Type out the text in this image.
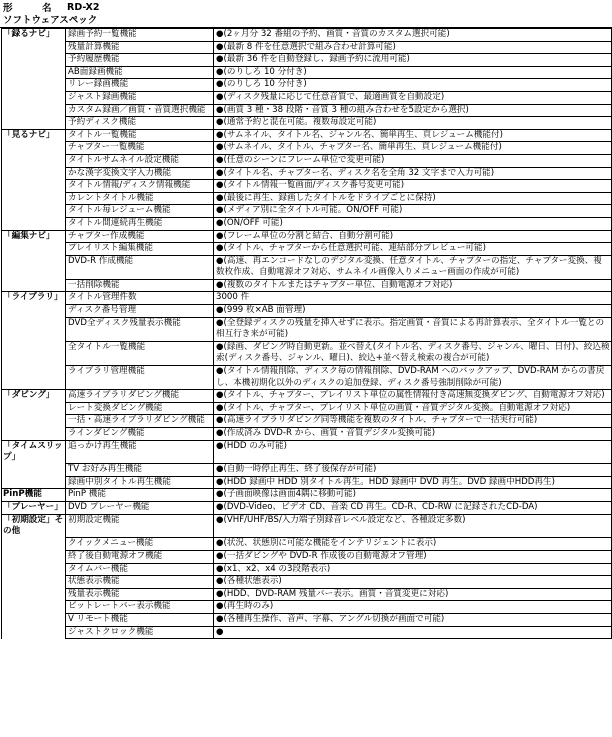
形　名 RD-X2
ソフトウェアスペック
「録るナビ」	録画予約一覧機能	●(2ヶ月分 32 番組の予約、画質・音質のカスタム選択可能)
	残量計算機能	●(最新 8 件を任意選択で組み合わせ計算可能)
	予約履歴機能	●(最新 36 件を自動登録し、録画予約に流用可能)
	AB面録画機能	●(のりしろ 10 分付き)
	リレー録画機能	●(のりしろ 10 分付き)
	ジャスト録画機能	●(ディスク残量に応じて任意音質で、最適画質を自動設定)
	カスタム録画／画質・音質選択機能	●(画質 3 種・38 段階・音質 3 種の組み合わせを5設定から選択)
	予約ディスク機能	●(通常予約と混在可能。複数毎設定可能)
「見るナビ」	タイトル一覧機能	●(サムネイル、タイトル名、ジャンル名、簡単再生、頁レジューム機能付)
	チャプター一覧機能	●(サムネイル、タイトル、チャプター名、簡単再生、頁レジューム機能付)
	タイトルサムネイル設定機能	●(任意のシーンにフレーム単位で変更可能)
	かな漢字変換文字入力機能	●(タイトル名、チャプター名、ディスク名を全角 32 文字まで入力可能)
	タイトル情報/ディスク情報機能	●(タイトル情報一覧画面/ディスク番号変更可能)
	カレントタイトル機能	●(最後に再生、録画したタイトルをドライブごとに保持)
	タイトル毎レジューム機能	●(メディア別に全タイトル可能。ON/OFF 可能)
	タイトル間連続再生機能	●(ON/OFF 可能)
「編集ナビ」	チャプター作成機能	●(フレーム単位の分割と結合、自動分割可能)
	プレイリスト編集機能	●(タイトル、チャプターから任意選択可能、連結部分プレビュー可能)
	DVD-R 作成機能	●(高速、再エンコードなしのデジタル変換、任意タイトル、チャプターの指定、チャプター変換、複数枚作成、自動電源オフ対応、サムネイル画像入りメニュー画面の作成が可能)
	一括削除機能	●(複数のタイトルまたはチャプター単位、自動電源オフ対応)
「ライブラリ」	タイトル管理件数	3000 件
	ディスク番号管理	●(999 枚×AB 面管理)
	DVD全ディスク残量表示機能	●(全登録ディスクの残量を挿入せずに表示。指定画質・音質による再計算表示、全タイトル一覧との相互行き来が可能)
	全タイトル一覧機能	●(録画、ダビング時自動更新。並べ替え(タイトル名、ディスク番号、ジャンル、曜日、日付)、絞込検索(ディスク番号、ジャンル、曜日)、絞込+並べ替え検索の複合が可能)
	ライブラリ管理機能	●(タイトル情報削除、ディスク毎の情報削除、DVD-RAM へのバックアップ、DVD-RAM からの書戻し、本機初期化以外のディスクの追加登録、ディスク番号強制削除が可能)
「ダビング」	高速ライブラリダビング機能	●(タイトル、チャプター、プレイリスト単位の属性情報付き高速無変換ダビング、自動電源オフ対応)
	レート変換ダビング機能	●(タイトル、チャプター、プレイリスト単位の画質・音質デジタル変換。自動電源オフ対応)
	一括・高速ライブラリダビング機能	●(高速ライブラリダビング同等機能を複数のタイトル、チャプターで一括実行可能)
	ラインダビング機能	●(作成済み DVD-R から、画質・音質デジタル変換可能)
「タイムスリップ」	追っかけ再生機能	●(HDD のみ可能)
	TV お好み再生機能	●(自動一時停止再生、終了後保存が可能)
	録画中別タイトル再生機能	●(HDD 録画中 HDD 別タイトル再生。HDD 録画中 DVD 再生。DVD 録画中HDD再生)
PinP機能	PinP 機能	●(子画面映像は画面4隅に移動可能)
「プレーヤー」	DVD プレーヤー機能	●(DVD-Video、ビデオ CD、音楽 CD 再生。CD-R、CD-RW に記録されたCD-DA)
「初期設定」その他	初期設定機能	●(VHF/UHF/BS/入力端子別録音レベル設定など、各種設定多数)
	クイックメニュー機能	●(状況、状態別に可能な機能をインテリジェントに表示)
	終了後自動電源オフ機能	●(一括ダビングや DVD-R 作成後の自動電源オフ管理)
	タイムバー機能	●(x1、x2、x4 の3段階表示)
	状態表示機能	●(各種状態表示)
	残量表示機能	●(HDD、DVD-RAM 残量バー表示。画質・音質変更に対応)
	ビットレートバー表示機能	●(再生時のみ)
	V リモート機能	●(各種再生操作、音声、字幕、アングル切換が画面で可能)
	ジャストクロック機能	●
